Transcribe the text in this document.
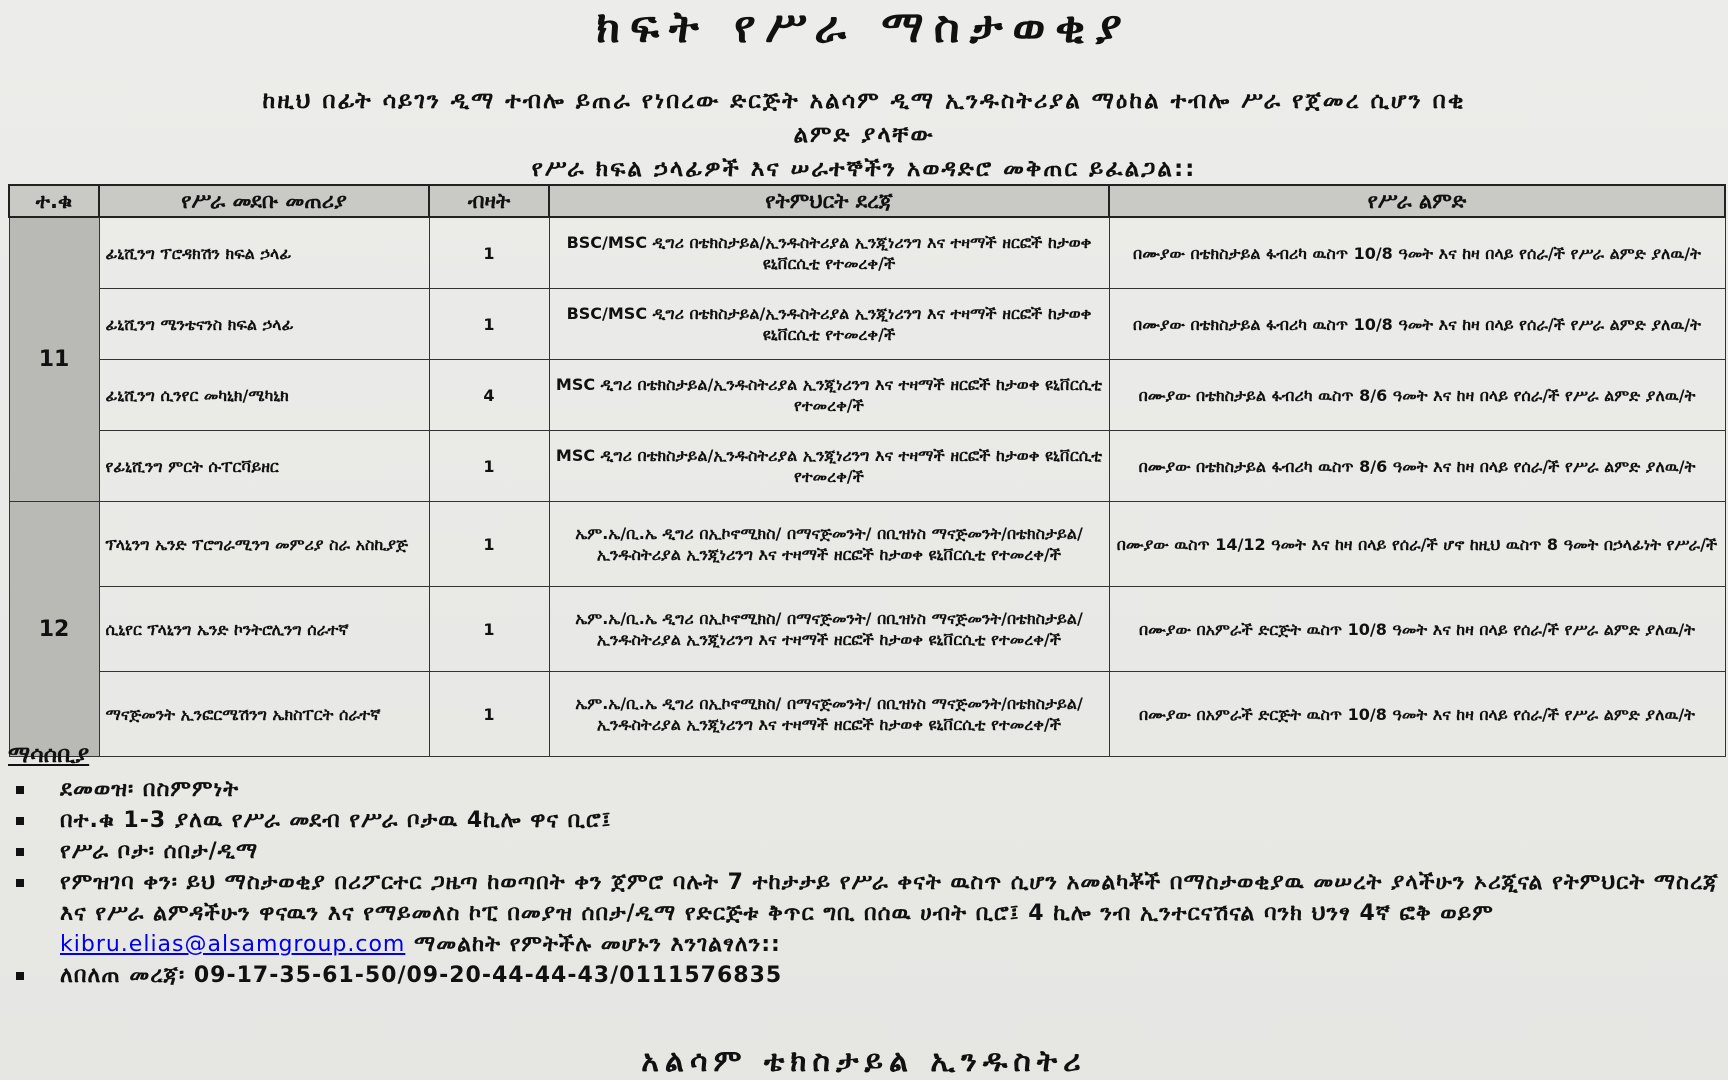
ክፍት የሥራ ማስታወቂያ
ከዚህ በፊት ሳይገን ዲማ ተብሎ ይጠራ የነበረው ድርጅት አልሳም ዲማ ኢንዱስትሪያል ማዕከል ተብሎ ሥራ የጀመረ ሲሆን በቂ
ልምድ ያላቸው
የሥራ ክፍል ኃላፊዎች እና ሠራተኞችን አወዳድሮ መቅጠር ይፈልጋል::
ተ.ቁ	የሥራ መደቡ መጠሪያ	ብዛት	የትምህርት ደረጃ	የሥራ ልምድ
11	ፊኒሺንግ ፕሮዳክሽን ክፍል ኃላፊ	1	BSC/MSC ዲግሪ በቴክስታይል/ኢንዱስትሪያል ኢንጂነሪንግ እና ተዛማች ዘርፎች ከታወቀ ዩኒቨርሲቲ የተመረቀ/ች	በሙያው በቴክስታይል ፋብሪካ ዉስጥ 10/8 ዓመት እና ከዛ በላይ የሰራ/ች የሥራ ልምድ ያለዉ/ት
	ፊኒሺንግ ሜንቴናንስ ክፍል ኃላፊ	1	BSC/MSC ዲግሪ በቴክስታይል/ኢንዱስትሪያል ኢንጂነሪንግ እና ተዛማች ዘርፎች ከታወቀ ዩኒቨርሲቲ የተመረቀ/ች	በሙያው በቴክስታይል ፋብሪካ ዉስጥ 10/8 ዓመት እና ከዛ በላይ የሰራ/ች የሥራ ልምድ ያለዉ/ት
	ፊኒሺንግ ሲንየር መካኒክ/ሜካኒክ	4	MSC ዲግሪ በቴክስታይል/ኢንዱስትሪያል ኢንጂነሪንግ እና ተዛማች ዘርፎች ከታወቀ ዩኒቨርሲቲ የተመረቀ/ች	በሙያው በቴክስታይል ፋብሪካ ዉስጥ 8/6 ዓመት እና ከዛ በላይ የሰራ/ች የሥራ ልምድ ያለዉ/ት
	የፊኒሺንግ ምርት ሱፐርቫይዘር	1	MSC ዲግሪ በቴክስታይል/ኢንዱስትሪያል ኢንጂነሪንግ እና ተዛማች ዘርፎች ከታወቀ ዩኒቨርሲቲ የተመረቀ/ች	በሙያው በቴክስታይል ፋብሪካ ዉስጥ 8/6 ዓመት እና ከዛ በላይ የሰራ/ች የሥራ ልምድ ያለዉ/ት
12	ፕላኒንግ ኤንድ ፕሮግራሚንግ መምሪያ ስራ አስኪያጅ	1	ኤም.ኤ/ቢ.ኤ ዲግሪ በኢኮኖሚክስ/ በማናጅመንት/ በቢዝነስ ማናጅመንት/በቴክስታይል/ኢንዱስትሪያል ኢንጂነሪንግ እና ተዛማች ዘርፎች ከታወቀ ዩኒቨርሲቲ የተመረቀ/ች	በሙያው ዉስጥ 14/12 ዓመት እና ከዛ በላይ የሰራ/ች ሆኖ ከዚህ ዉስጥ 8 ዓመት በኃላፊነት የሥራ/ች
	ሲኒየር ፕላኒንግ ኤንድ ኮንትሮሊንግ ሰራተኛ	1	ኤም.ኤ/ቢ.ኤ ዲግሪ በኢኮኖሚክስ/ በማናጅመንት/ በቢዝነስ ማናጅመንት/በቴክስታይል/ኢንዱስትሪያል ኢንጂነሪንግ እና ተዛማች ዘርፎች ከታወቀ ዩኒቨርሲቲ የተመረቀ/ች	በሙያው በአምራች ድርጅት ዉስጥ 10/8 ዓመት እና ከዛ በላይ የሰራ/ች የሥራ ልምድ ያለዉ/ት
	ማናጅመንት ኢንፎርሜሽንግ ኤክስፐርት ሰራተኛ	1	ኤም.ኤ/ቢ.ኤ ዲግሪ በኢኮኖሚክስ/ በማናጅመንት/ በቢዝነስ ማናጅመንት/በቴክስታይል/ኢንዱስትሪያል ኢንጂነሪንግ እና ተዛማች ዘርፎች ከታወቀ ዩኒቨርሲቲ የተመረቀ/ች	በሙያው በአምራች ድርጅት ዉስጥ 10/8 ዓመት እና ከዛ በላይ የሰራ/ች የሥራ ልምድ ያለዉ/ት
ማሳሰቢያ
ደመወዝ፡ በስምምነት
በተ.ቁ 1-3 ያለዉ የሥራ መደብ የሥራ ቦታዉ 4ኪሎ ዋና ቢሮ፤
የሥራ ቦታ፡ ሰበታ/ዲማ
የምዝገባ ቀን፡ ይህ ማስታወቂያ በሪፖርተር ጋዜጣ ከወጣበት ቀን ጀምሮ ባሉት 7 ተከታታይ የሥራ ቀናት ዉስጥ ሲሆን አመልካቾች በማስታወቂያዉ መሠረት ያላችሁን ኦሪጂናል የትምህርት ማስረጃ እና የሥራ ልምዳችሁን ዋናዉን እና የማይመለስ ኮፒ በመያዝ ሰበታ/ዲማ የድርጅቱ ቅጥር ግቢ በሰዉ ሀብት ቢሮ፤ 4 ኪሎ ንብ ኢንተርናሽናል ባንክ ህንፃ 4ኛ ፎቅ ወይም kibru.elias@alsamgroup.com ማመልከት የምትችሉ መሆኑን እንገልፃለን::
ለበለጠ መረጃ፡ 09-17-35-61-50/09-20-44-44-43/0111576835
አልሳም ቴክስታይል ኢንዱስትሪ
